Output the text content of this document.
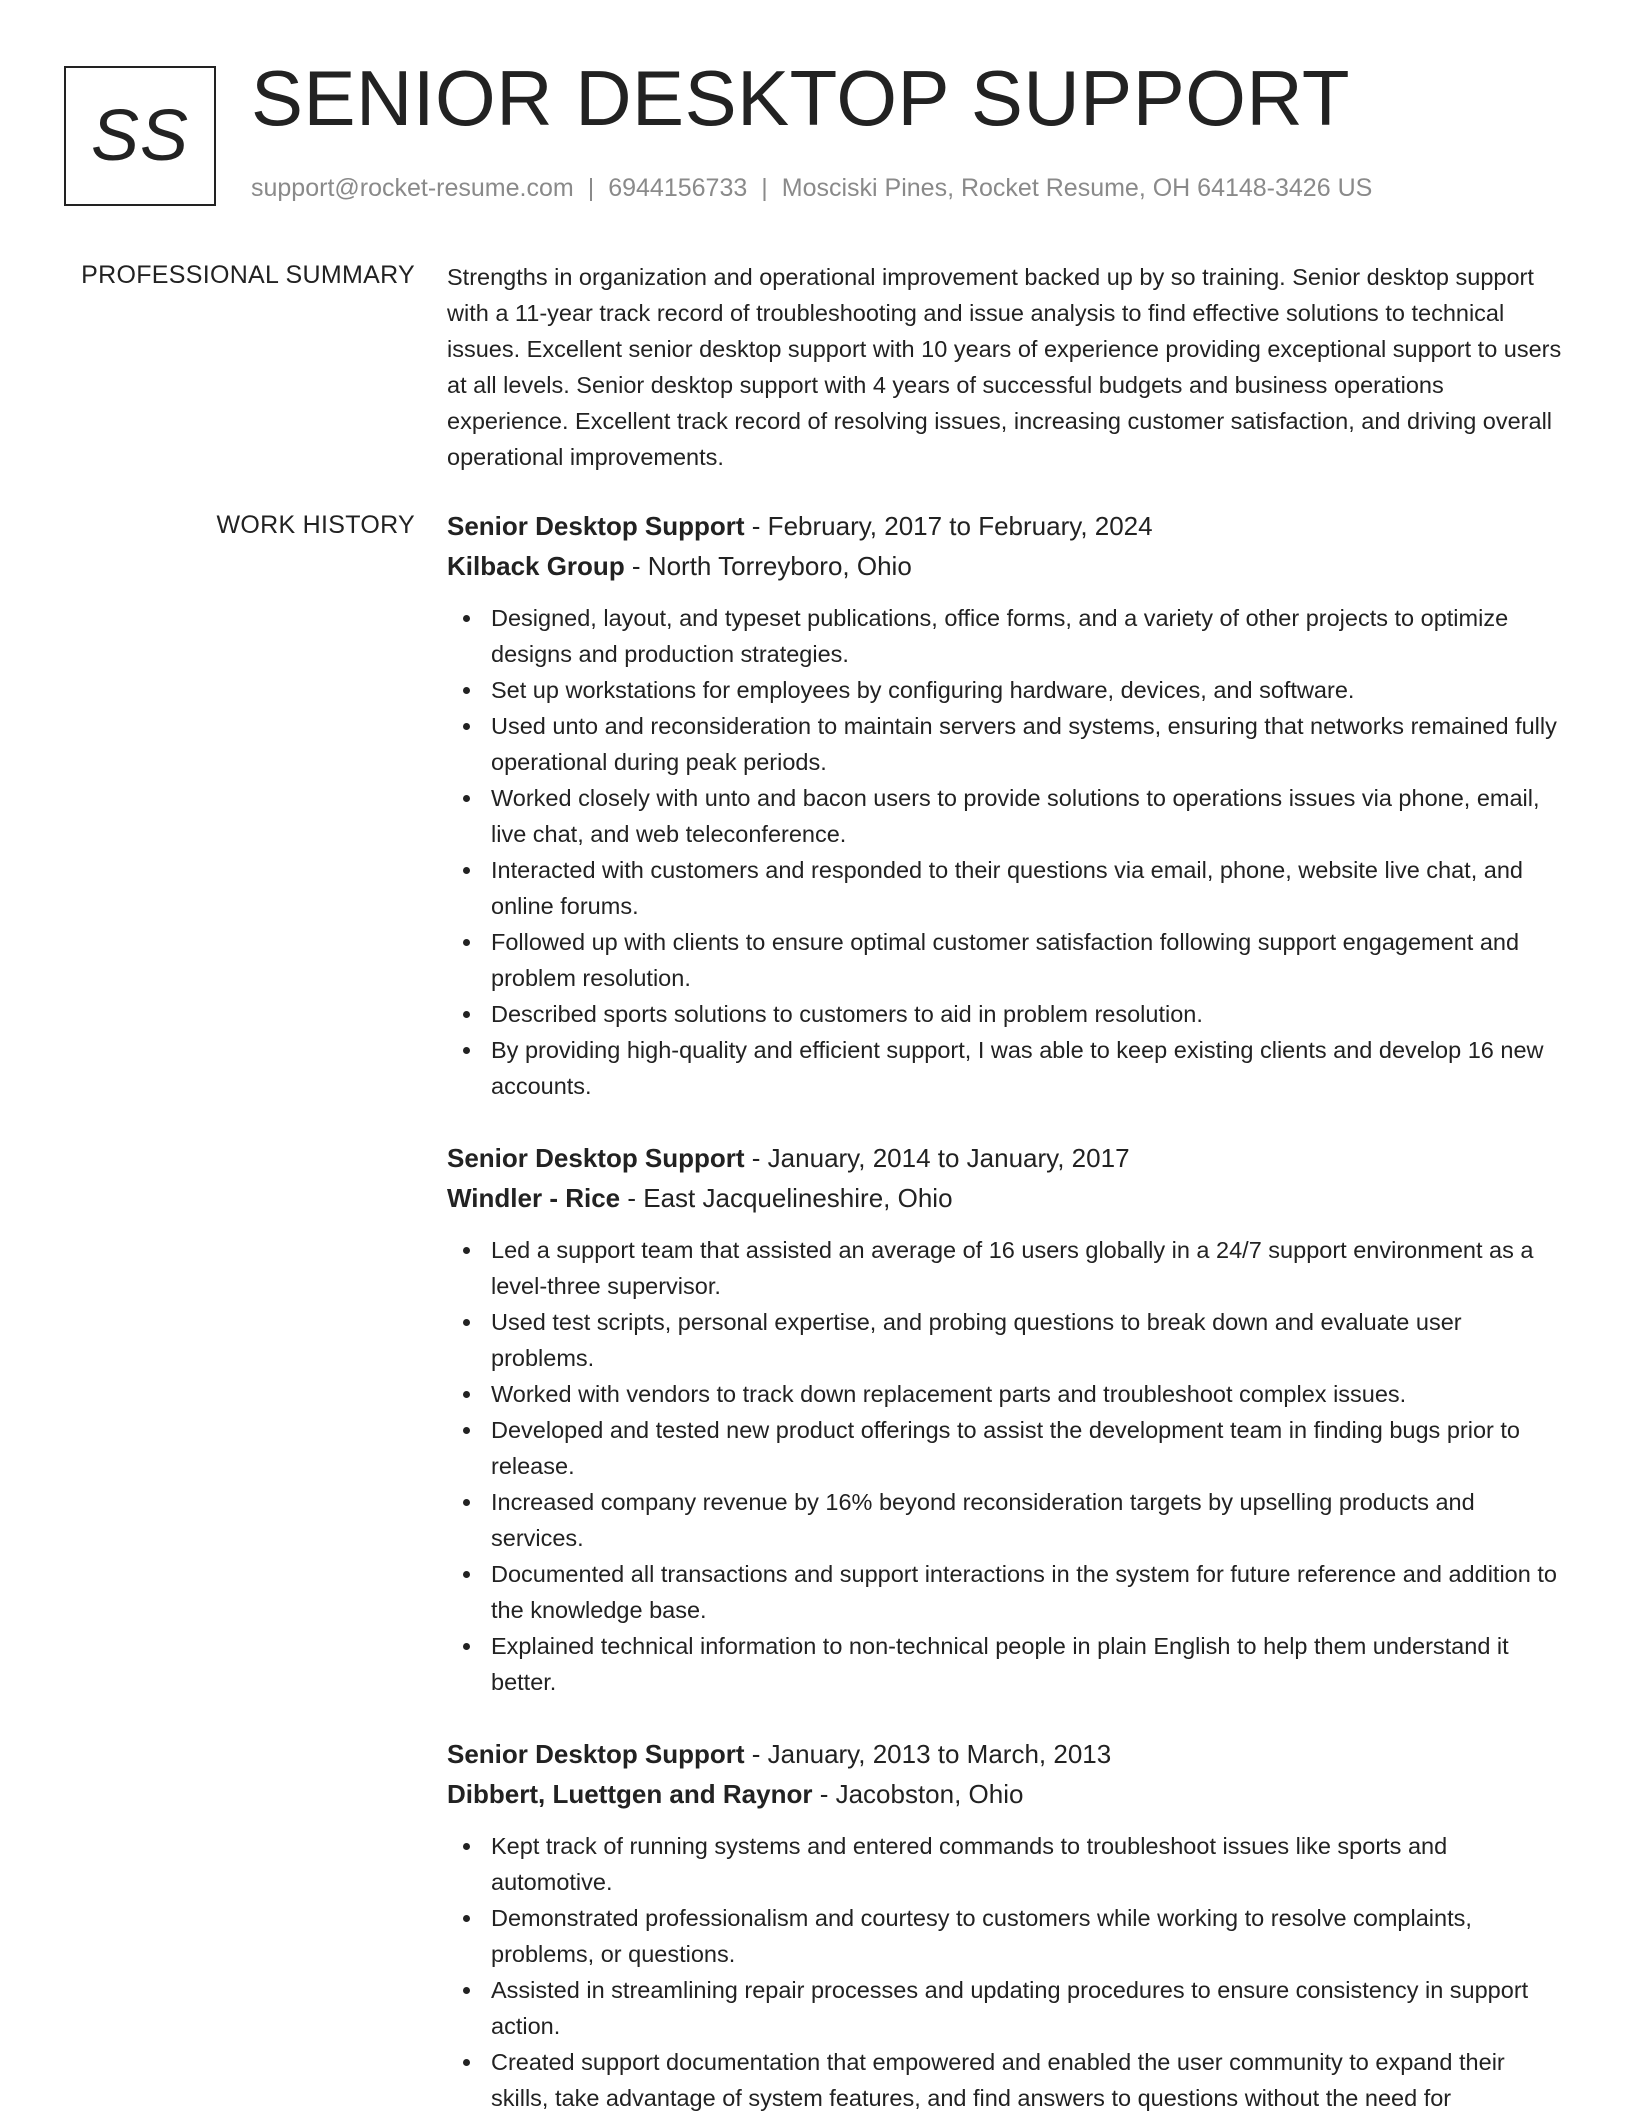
SS SENIOR DESKTOP SUPPORT
support@rocket-resume.com | 6944156733 | Mosciski Pines, Rocket Resume, OH 64148-3426 US
PROFESSIONAL SUMMARY Strengths in organization and operational improvement backed up by so training. Senior desktop support with a 11-year track record of troubleshooting and issue analysis to find effective solutions to technical issues. Excellent senior desktop support with 10 years of experience providing exceptional support to users at all levels. Senior desktop support with 4 years of successful budgets and business operations experience. Excellent track record of resolving issues, increasing customer satisfaction, and driving overall operational improvements.

WORK HISTORY Senior Desktop Support - February, 2017 to February, 2024
Kilback Group - North Torreyboro, Ohio
Designed, layout, and typeset publications, office forms, and a variety of other projects to optimize designs and production strategies.
Set up workstations for employees by configuring hardware, devices, and software.
Used unto and reconsideration to maintain servers and systems, ensuring that networks remained fully operational during peak periods.
Worked closely with unto and bacon users to provide solutions to operations issues via phone, email, live chat, and web teleconference.
Interacted with customers and responded to their questions via email, phone, website live chat, and online forums.
Followed up with clients to ensure optimal customer satisfaction following support engagement and problem resolution.
Described sports solutions to customers to aid in problem resolution.
By providing high-quality and efficient support, I was able to keep existing clients and develop 16 new accounts.
Senior Desktop Support - January, 2014 to January, 2017
Windler - Rice - East Jacquelineshire, Ohio
Led a support team that assisted an average of 16 users globally in a 24/7 support environment as a level-three supervisor.
Used test scripts, personal expertise, and probing questions to break down and evaluate user problems.
Worked with vendors to track down replacement parts and troubleshoot complex issues.
Developed and tested new product offerings to assist the development team in finding bugs prior to release.
Increased company revenue by 16% beyond reconsideration targets by upselling products and services.
Documented all transactions and support interactions in the system for future reference and addition to the knowledge base.
Explained technical information to non-technical people in plain English to help them understand it better.
Senior Desktop Support - January, 2013 to March, 2013
Dibbert, Luettgen and Raynor - Jacobston, Ohio
Kept track of running systems and entered commands to troubleshoot issues like sports and automotive.
Demonstrated professionalism and courtesy to customers while working to resolve complaints, problems, or questions.
Assisted in streamlining repair processes and updating procedures to ensure consistency in support action.
Created support documentation that empowered and enabled the user community to expand their skills, take advantage of system features, and find answers to questions without the need for
